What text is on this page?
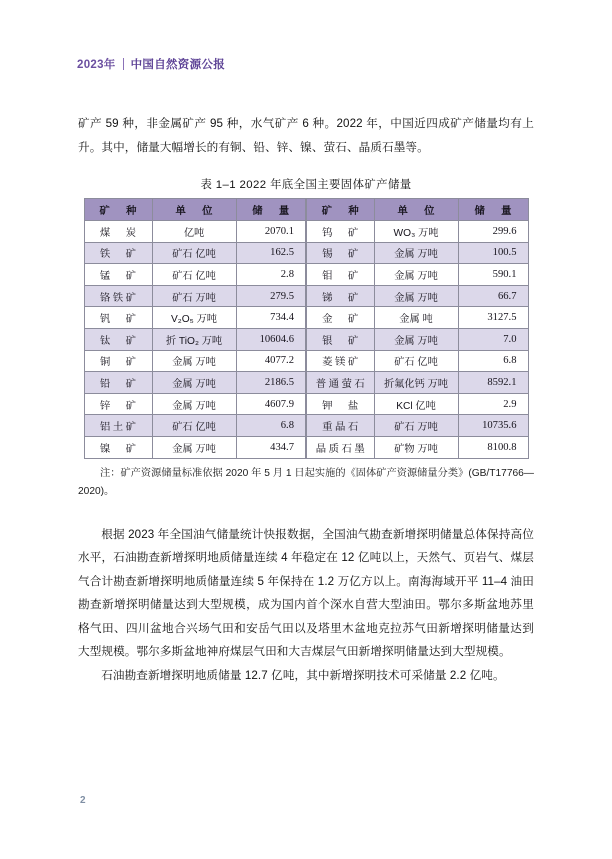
2023年 中国自然资源公报

矿产 59 种，非金属矿产 95 种，水气矿产 6 种。2022 年，中国近四成矿产储量均有上升。其中，储量大幅增长的有铜、铅、锌、镍、萤石、晶质石墨等。

表 1–1 2022 年底全国主要固体矿产储量
矿　种	单　位	储　量	矿　种	单　位	储　量
煤　炭	亿吨	2070.1	钨　矿	WO₃ 万吨	299.6
铁　矿	矿石 亿吨	162.5	锡　矿	金属 万吨	100.5
锰　矿	矿石 亿吨	2.8	钼　矿	金属 万吨	590.1
铬铁矿	矿石 万吨	279.5	锑　矿	金属 万吨	66.7
钒　矿	V₂O₅ 万吨	734.4	金　矿	金属 吨	3127.5
钛　矿	折 TiO₂ 万吨	10604.6	银　矿	金属 万吨	7.0
铜　矿	金属 万吨	4077.2	菱镁矿	矿石 亿吨	6.8
铅　矿	金属 万吨	2186.5	普通萤石	折氟化钙 万吨	8592.1
锌　矿	金属 万吨	4607.9	钾　盐	KCl 亿吨	2.9
铝土矿	矿石 亿吨	6.8	重晶石	矿石 万吨	10735.6
镍　矿	金属 万吨	434.7	晶质石墨	矿物 万吨	8100.8

注：矿产资源储量标准依据 2020 年 5 月 1 日起实施的《固体矿产资源储量分类》(GB/T17766—2020)。

根据 2023 年全国油气储量统计快报数据，全国油气勘查新增探明储量总体保持高位水平，石油勘查新增探明地质储量连续 4 年稳定在 12 亿吨以上，天然气、页岩气、煤层气合计勘查新增探明地质储量连续 5 年保持在 1.2 万亿方以上。南海海域开平 11–4 油田勘查新增探明储量达到大型规模，成为国内首个深水自营大型油田。鄂尔多斯盆地苏里格气田、四川盆地合兴场气田和安岳气田以及塔里木盆地克拉苏气田新增探明储量达到大型规模。鄂尔多斯盆地神府煤层气田和大吉煤层气田新增探明储量达到大型规模。

石油勘查新增探明地质储量 12.7 亿吨，其中新增探明技术可采储量 2.2 亿吨。

2
